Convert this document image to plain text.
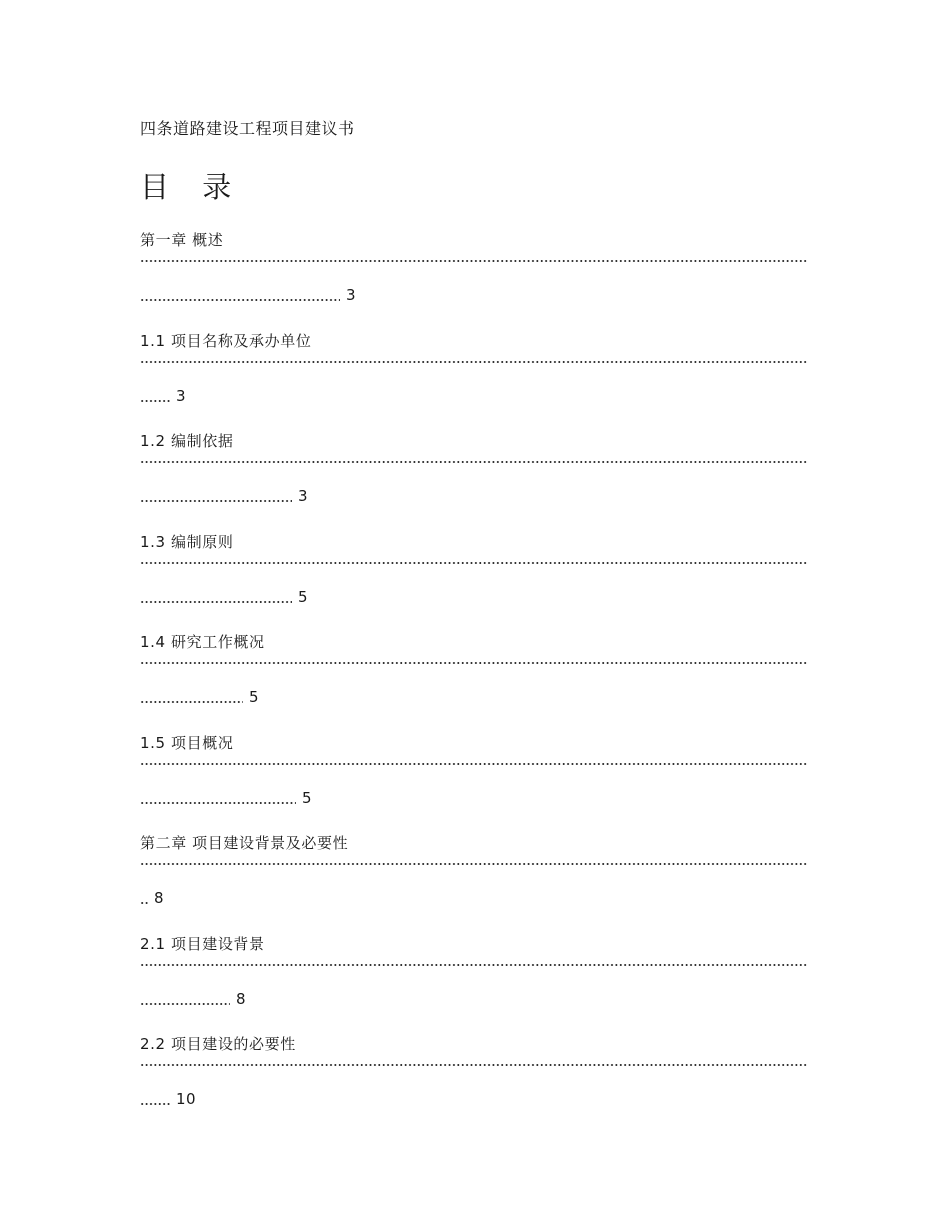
四条道路建设工程项目建议书
目 录
第一章 概述
3
1.1 项目名称及承办单位
3
1.2 编制依据
3
1.3 编制原则
5
1.4 研究工作概况
5
1.5 项目概况
5
第二章 项目建设背景及必要性
8
2.1 项目建设背景
8
2.2 项目建设的必要性
10
